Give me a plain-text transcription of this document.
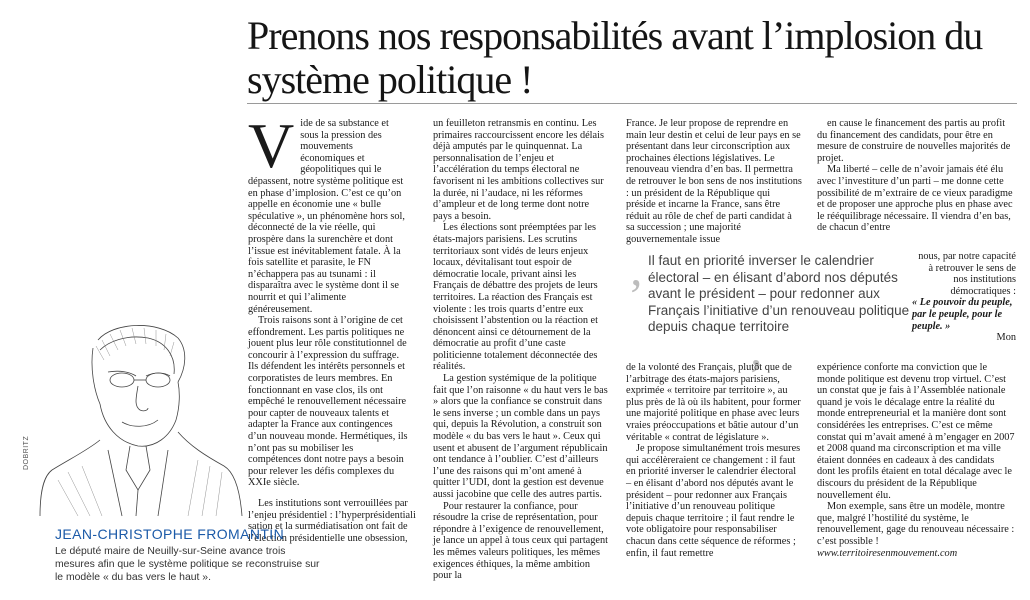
Prenons nos responsabilités avant l’implosion du système politique !
V ide de sa substance et sous la pression des mouvements économiques et géopolitiques qui le dépassent, notre système politique est en phase d’implosion. C’est ce qu’on appelle en économie une « bulle spéculative », un phénomène hors sol, déconnecté de la vie réelle, qui prospère dans la surenchère et dont l’issue est inévitablement fatale. À la fois satellite et parasite, le FN n’échappera pas au tsunami : il disparaîtra avec le système dont il se nourrit et qui l’alimente généreusement.

Trois raisons sont à l’origine de cet effondrement. Les partis politiques ne jouent plus leur rôle constitutionnel de concourir à l’expression du suffrage. Ils défendent les intérêts personnels et corporatistes de leurs membres. En fonctionnant en vase clos, ils ont empêché le renouvellement nécessaire pour capter de nouveaux talents et adapter la France aux contingences d’un nouveau monde. Hermétiques, ils n’ont pas su mobiliser les compétences dont notre pays a besoin pour relever les défis complexes du XXIe siècle.

Les institutions sont verrouillées par l’enjeu présidentiel : l’hyperprésidentiali sation et la surmédiatisation ont fait de l’élection présidentielle une obsession,

un feuilleton retransmis en continu. Les primaires raccourcissent encore les délais déjà amputés par le quinquennat. La personnalisation de l’enjeu et l’accélération du temps électoral ne favorisent ni les ambitions collectives sur la durée, ni l’audace, ni les réformes d’ampleur et de long terme dont notre pays a besoin.

Les élections sont préemptées par les états-majors parisiens. Les scrutins territoriaux sont vidés de leurs enjeux locaux, dévitalisant tout espoir de démocratie locale, privant ainsi les Français de débattre des projets de leurs territoires. La réaction des Français est violente : les trois quarts d’entre eux choisissent l’abstention ou la réaction et dénoncent ainsi ce détournement de la démocratie au profit d’une caste politicienne totalement déconnectée des réalités.

La gestion systémique de la politique fait que l’on raisonne « du haut vers le bas » alors que la confiance se construit dans le sens inverse ; un comble dans un pays qui, depuis la Révolution, a construit son modèle « du bas vers le haut ». Ceux qui usent et abusent de l’argument républicain ont tendance à l’oublier. C’est d’ailleurs l’une des raisons qui m’ont amené à quitter l’UDI, dont la gestion est devenue aussi jacobine que celle des autres partis.

Pour restaurer la confiance, pour résoudre la crise de représentation, pour répondre à l’exigence de renouvellement, je lance un appel à tous ceux qui partagent les mêmes valeurs politiques, les mêmes exigences éthiques, la même ambition pour la

France. Je leur propose de reprendre en main leur destin et celui de leur pays en se présentant dans leur circonscription aux prochaines élections législatives. Le renouveau viendra d’en bas. Il permettra de retrouver le bon sens de nos institutions : un président de la République qui préside et incarne la France, sans être réduit au rôle de chef de parti candidat à sa succession ; une majorité gouvernementale issue

‚ Il faut en priorité inverser le calendrier électoral – en élisant d’abord nos députés avant le président – pour redonner aux Français l’initiative d’un renouveau politique depuis chaque territoire
‚

de la volonté des Français, plutôt que de l’arbitrage des états-majors parisiens, exprimée « territoire par territoire », au plus près de là où ils habitent, pour former une majorité politique en phase avec leurs vraies préoccupations et bâtie autour d’un véritable « contrat de législature ».

Je propose simultanément trois mesures qui accélèreraient ce changement : il faut en priorité inverser le calendrier électoral – en élisant d’abord nos députés avant le président – pour redonner aux Français l’initiative d’un renouveau politique depuis chaque territoire ; il faut rendre le vote obligatoire pour responsabiliser chacun dans cette séquence de réformes ; enfin, il faut remettre

en cause le financement des partis au profit du financement des candidats, pour être en mesure de construire de nouvelles majorités de projet.

Ma liberté – celle de n’avoir jamais été élu avec l’investiture d’un parti – me donne cette possibilité de m’extraire de ce vieux paradigme et de proposer une approche plus en phase avec le rééquilibrage nécessaire. Il viendra d’en bas, de chacun d’entre

nous, par notre capacité à retrouver le sens de nos institutions démocratiques :

« Le pouvoir du peuple, par le peuple, pour le peuple. »

Mon

expérience conforte ma conviction que le monde politique est devenu trop virtuel. C’est un constat que je fais à l’Assemblée nationale quand je vois le décalage entre la réalité du monde entrepreneurial et la manière dont sont considérées les entreprises. C’est ce même constat qui m’avait amené à m’engager en 2007 et 2008 quand ma circonscription et ma ville étaient données en cadeaux à des candidats dont les profils étaient en total décalage avec le discours du président de la République nouvellement élu.

Mon exemple, sans être un modèle, montre que, malgré l’hostilité du système, le renouvellement, gage du renouveau nécessaire : c’est possible !

www.territoiresenmouvement.com

DOBRITZ
JEAN-CHRISTOPHE FROMANTIN
Le député maire de Neuilly-sur-Seine avance trois mesures afin que le système politique se reconstruise sur le modèle « du bas vers le haut ».
